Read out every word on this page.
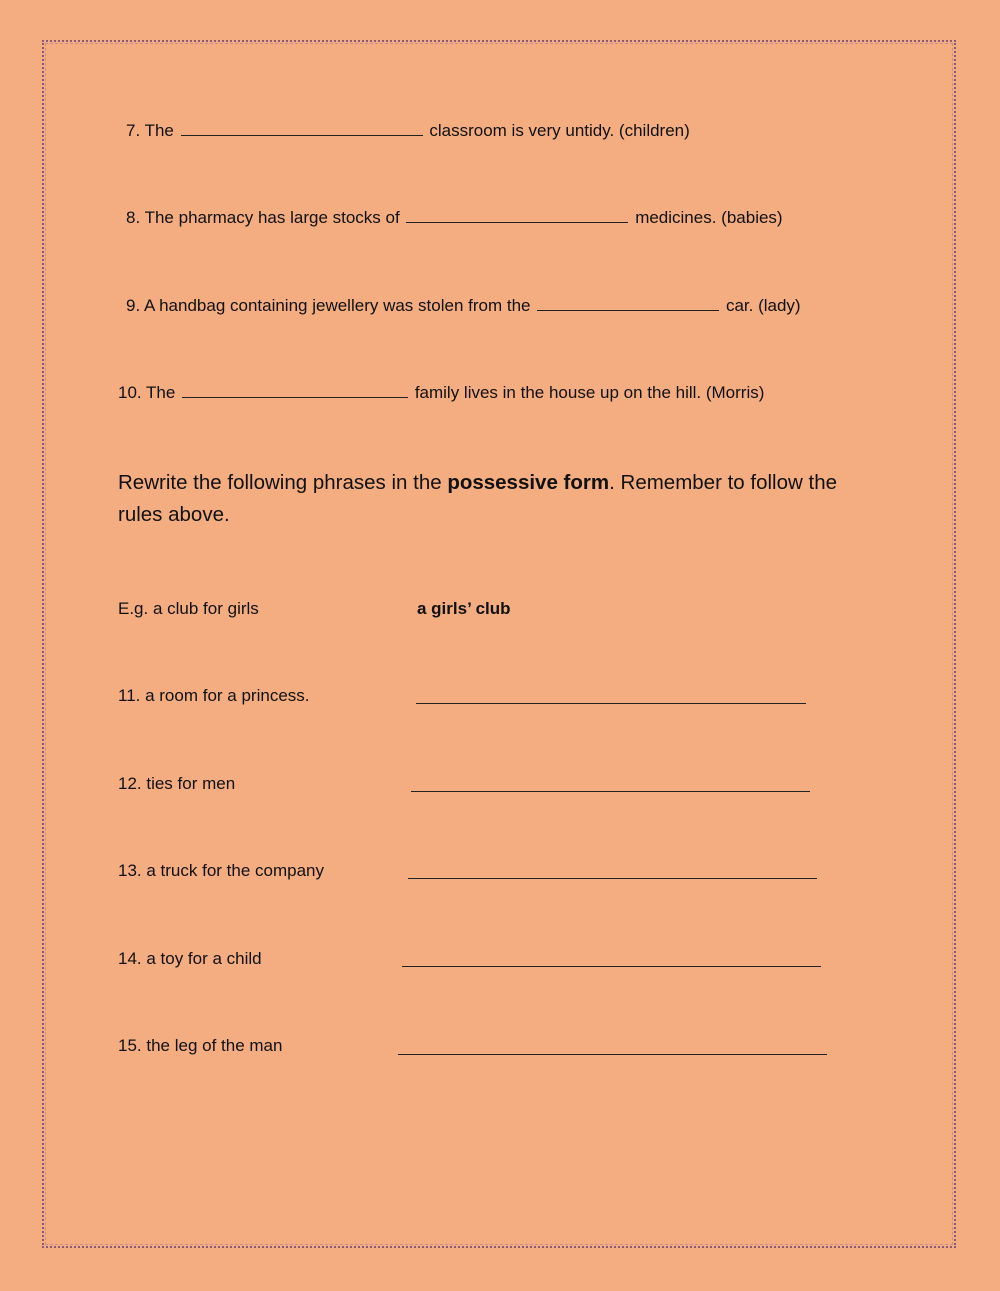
7. The	classroom is very untidy. (children)
8. The pharmacy has large stocks of	medicines. (babies)
9. A handbag containing jewellery was stolen from the	car. (lady)
10. The	family lives in the house up on the hill. (Morris)
Rewrite the following phrases in the possessive form. Remember to follow the rules above.
E.g. a club for girls	a girls’ club
11. a room for a princess.
12. ties for men
13. a truck for the company
14. a toy for a child
15. the leg of the man
